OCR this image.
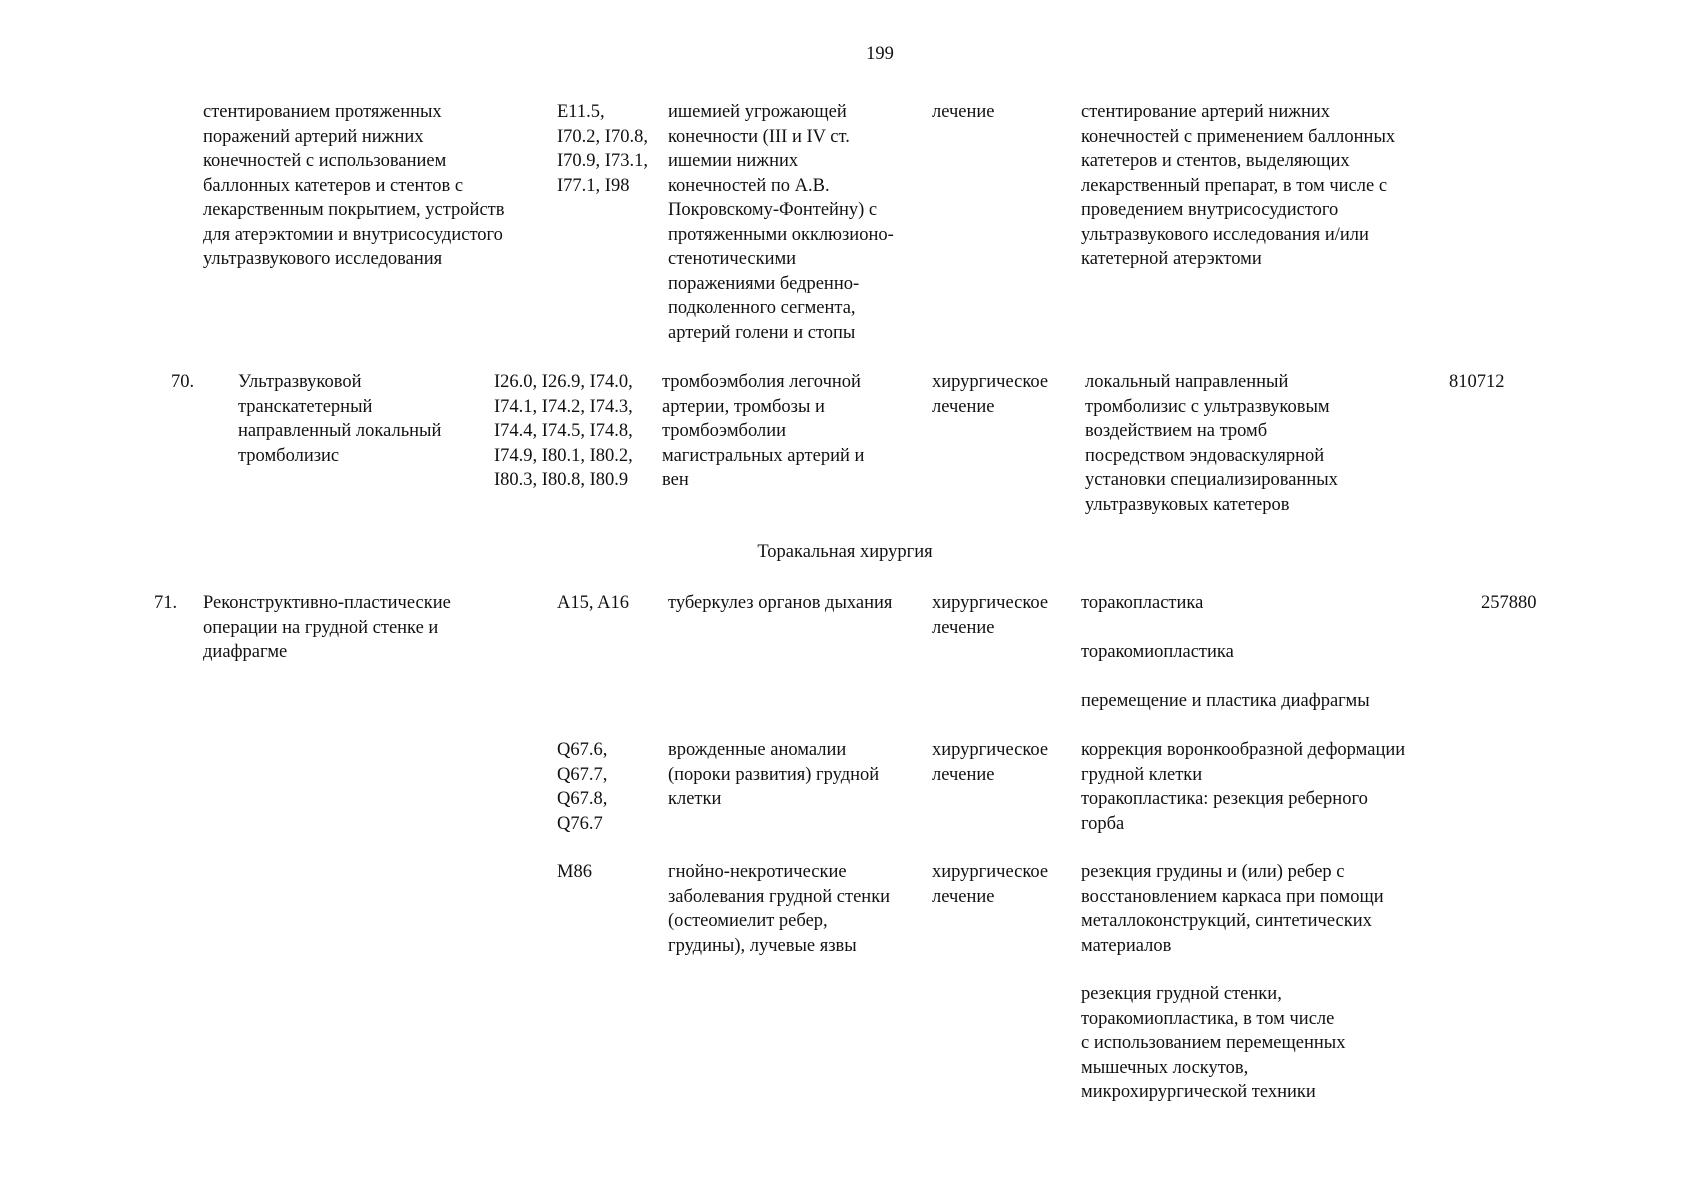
199
стентированием протяженных
поражений артерий нижних
конечностей с использованием
баллонных катетеров и стентов с
лекарственным покрытием, устройств
для атерэктомии и внутрисосудистого
ультразвукового исследования
E11.5,
I70.2, I70.8,
I70.9, I73.1,
I77.1, I98
ишемией угрожающей
конечности (III и IV ст.
ишемии нижних
конечностей по А.В.
Покровскому-Фонтейну) с
протяженными окклюзионо-
стенотическими
поражениями бедренно-
подколенного сегмента,
артерий голени и стопы
лечение	стентирование артерий нижних
конечностей с применением баллонных
катетеров и стентов, выделяющих
лекарственный препарат, в том числе с
проведением внутрисосудистого
ультразвукового исследования и/или
катетерной атерэктоми
70. Ультразвуковой
транскатетерный
направленный локальный
тромболизис
I26.0, I26.9, I74.0,
I74.1, I74.2, I74.3,
I74.4, I74.5, I74.8,
I74.9, I80.1, I80.2,
I80.3, I80.8, I80.9
тромбоэмболия легочной
артерии, тромбозы и
тромбоэмболии
магистральных артерий и
вен
хирургическое
лечение
локальный направленный
тромболизис с ультразвуковым
воздействием на тромб
посредством эндоваскулярной
установки специализированных
ультразвуковых катетеров
810712
Торакальная хирургия
71. Реконструктивно-пластические
операции на грудной стенке и
диафрагме
257880
A15, A16 туберкулез органов дыхания хирургическое
лечение
торакопластика
торакомиопластика
перемещение и пластика диафрагмы
Q67.6,
Q67.7,
Q67.8,
Q76.7
врожденные аномалии
(пороки развития) грудной
клетки
хирургическое
лечение
коррекция воронкообразной деформации
грудной клетки
торакопластика: резекция реберного
горба
M86	гнойно-некротические
заболевания грудной стенки
(остеомиелит ребер,
грудины), лучевые язвы
хирургическое
лечение
резекция грудины и (или) ребер с
восстановлением каркаса при помощи
металлоконструкций, синтетических
материалов
резекция грудной стенки,
торакомиопластика, в том числе
с использованием перемещенных
мышечных лоскутов,
микрохирургической техники
